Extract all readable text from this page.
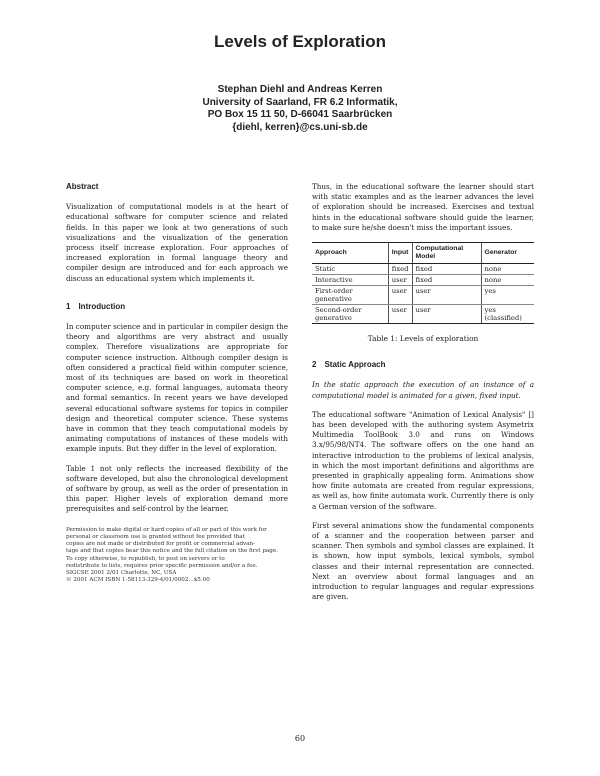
Levels of Exploration
Stephan Diehl and Andreas Kerren
University of Saarland, FR 6.2 Informatik,
PO Box 15 11 50, D-66041 Saarbrücken
{diehl, kerren}@cs.uni-sb.de
Abstract

Visualization of computational models is at the heart of educational software for computer science and related fields. In this paper we look at two generations of such visualizations and the visualization of the generation process itself increase exploration. Four approaches of increased exploration in formal language theory and compiler design are introduced and for each approach we discuss an educational system which implements it.

1 Introduction

In computer science and in particular in compiler design the theory and algorithms are very abstract and usually complex. Therefore visualizations are appropriate for computer science instruction. Although compiler design is often considered a practical field within computer science, most of its techniques are based on work in theoretical computer science, e.g. formal languages, automata theory and formal semantics. In recent years we have developed several educational software systems for topics in compiler design and theoretical computer science. These systems have in common that they teach computational models by animating computations of instances of these models with example inputs. But they differ in the level of exploration.

Table 1 not only reflects the increased flexibility of the software developed, but also the chronological development of software by group, as well as the order of presentation in this paper. Higher levels of exploration demand more prerequisites and self-control by the learner.

Permission to make digital or hard copies of all or part of this work for
personal or classroom use is granted without fee provided that
copies are not made or distributed for profit or commercial advan-
tage and that copies bear this notice and the full citation on the first page.
To copy otherwise, to republish, to post on servers or to
redistribute to lists, requires prior specific permission and/or a fee.
SIGCSE 2001 2/01 Charlotte, NC, USA
© 2001 ACM ISBN 1-58113-329-4/01/0002...$5.00

Thus, in the educational software the learner should start with static examples and as the learner advances the level of exploration should be increased. Exercises and textual hints in the educational software should guide the learner, to make sure he/she doesn't miss the important issues.

Approach	Input	Computational Model	Generator
Static	fixed	fixed	none
Interactive	user	fixed	none
First-order generative	user	user	yes
Second-order generative	user	user	yes (classified)
Table 1: Levels of exploration
2 Static Approach

In the static approach the execution of an instance of a computational model is animated for a given, fixed input.

The educational software "Animation of Lexical Analysis" [] has been developed with the authoring system Asymetrix Multimedia ToolBook 3.0 and runs on Windows 3.x/95/98/NT4. The software offers on the one hand an interactive introduction to the problems of lexical analysis, in which the most important definitions and algorithms are presented in graphically appealing form. Animations show how finite automata are created from regular expressions, as well as, how finite automata work. Currently there is only a German version of the software.

First several animations show the fundamental components of a scanner and the cooperation between parser and scanner. Then symbols and symbol classes are explained. It is shown, how input symbols, lexical symbols, symbol classes and their internal representation are connected. Next an overview about formal languages and an introduction to regular languages and regular expressions are given.

60
